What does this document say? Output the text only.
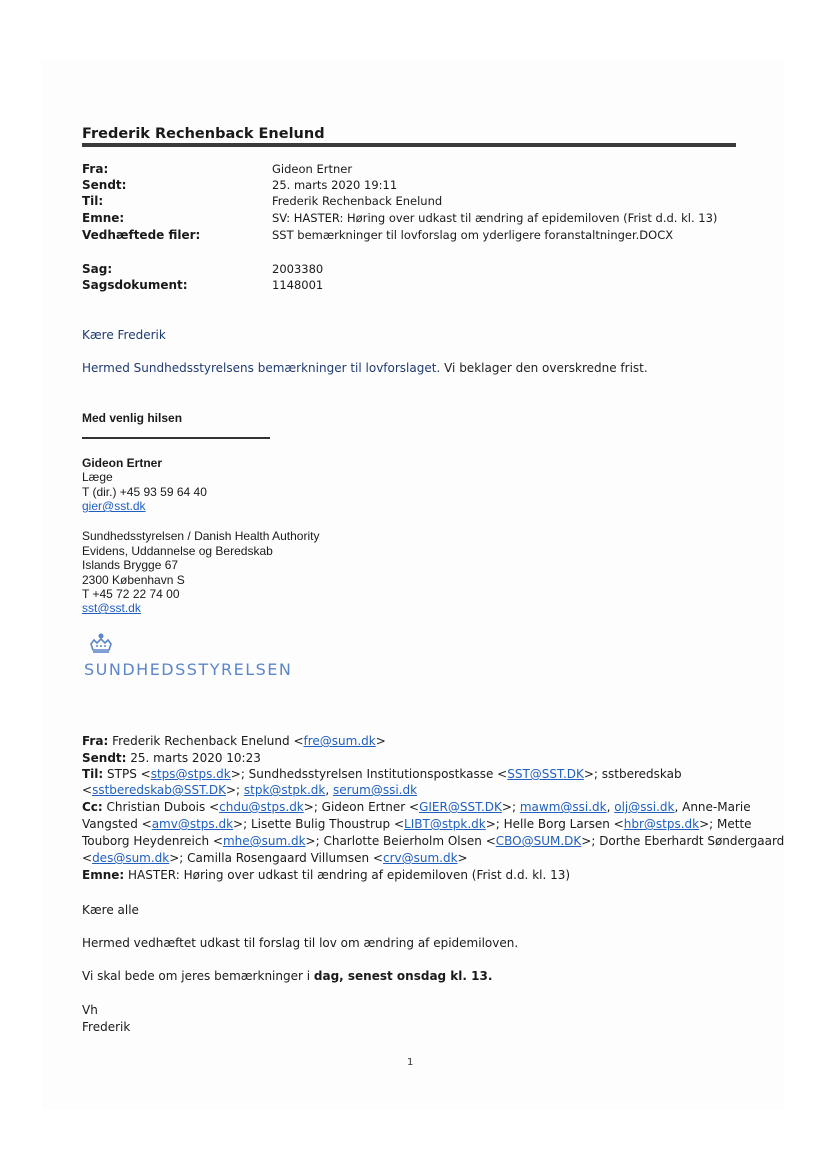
Frederik Rechenback Enelund
Fra:	Gideon Ertner
Sendt:	25. marts 2020 19:11
Til:	Frederik Rechenback Enelund
Emne:	SV: HASTER: Høring over udkast til ændring af epidemiloven (Frist d.d. kl. 13)
Vedhæftede filer:	SST bemærkninger til lovforslag om yderligere foranstaltninger.DOCX
Sag:	2003380
Sagsdokument:	1148001
Kære Frederik
Hermed Sundhedsstyrelsens bemærkninger til lovforslaget. Vi beklager den overskredne frist.
Med venlig hilsen
Gideon Ertner
Læge
T (dir.) +45 93 59 64 40
gier@sst.dk
Sundhedsstyrelsen / Danish Health Authority
Evidens, Uddannelse og Beredskab
Islands Brygge 67
2300 København S
T +45 72 22 74 00
sst@sst.dk
SUNDHEDSSTYRELSEN
Fra: Frederik Rechenback Enelund <fre@sum.dk>
Sendt: 25. marts 2020 10:23
Til: STPS <stps@stps.dk>; Sundhedsstyrelsen Institutionspostkasse <SST@SST.DK>; sstberedskab
<sstberedskab@SST.DK>; stpk@stpk.dk, serum@ssi.dk
Cc: Christian Dubois <chdu@stps.dk>; Gideon Ertner <GIER@SST.DK>; mawm@ssi.dk, olj@ssi.dk, Anne-Marie
Vangsted <amv@stps.dk>; Lisette Bulig Thoustrup <LIBT@stpk.dk>; Helle Borg Larsen <hbr@stps.dk>; Mette
Touborg Heydenreich <mhe@sum.dk>; Charlotte Beierholm Olsen <CBO@SUM.DK>; Dorthe Eberhardt Søndergaard
<des@sum.dk>; Camilla Rosengaard Villumsen <crv@sum.dk>
Emne: HASTER: Høring over udkast til ændring af epidemiloven (Frist d.d. kl. 13)
Kære alle
Hermed vedhæftet udkast til forslag til lov om ændring af epidemiloven.
Vi skal bede om jeres bemærkninger i dag, senest onsdag kl. 13.
Vh
Frederik
1
